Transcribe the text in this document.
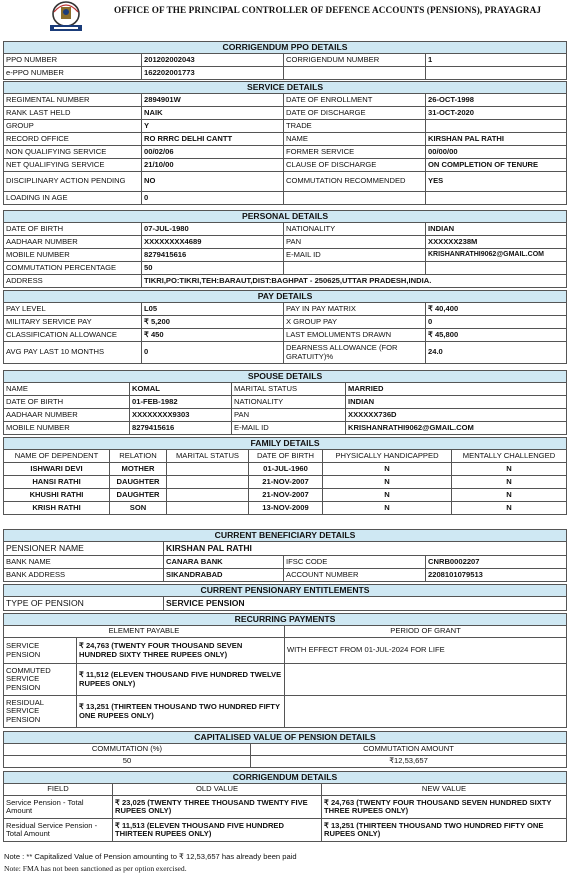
OFFICE OF THE PRINCIPAL CONTROLLER OF DEFENCE ACCOUNTS (PENSIONS), PRAYAGRAJ
CORRIGENDUM PPO DETAILS			
PPO NUMBER	201202002043	CORRIGENDUM NUMBER	1
e-PPO NUMBER	162202001773		
SERVICE DETAILS			
REGIMENTAL NUMBER	2894901W	DATE OF ENROLLMENT	26-OCT-1998
RANK LAST HELD	NAIK	DATE OF DISCHARGE	31-OCT-2020
GROUP	Y	TRADE	
RECORD OFFICE	RO RRRC DELHI CANTT	NAME	KIRSHAN PAL RATHI
NON QUALIFYING SERVICE	00/02/06	FORMER SERVICE	00/00/00
NET QUALIFYING SERVICE	21/10/00	CLAUSE OF DISCHARGE	ON COMPLETION OF TENURE
DISCIPLINARY ACTION PENDING	NO	COMMUTATION RECOMMENDED	YES
LOADING IN AGE	0		
PERSONAL DETAILS			
DATE OF BIRTH	07-JUL-1980	NATIONALITY	INDIAN
AADHAAR NUMBER	XXXXXXXX4689	PAN	XXXXXX238M
MOBILE NUMBER	8279415616	E-MAIL ID	KRISHANRATHI9062@GMAIL.COM
COMMUTATION PERCENTAGE	50		
ADDRESS	TIKRI,PO:TIKRI,TEH:BARAUT,DIST:BAGHPAT - 250625,UTTAR PRADESH,INDIA.		
PAY DETAILS			
PAY LEVEL	L05	PAY IN PAY MATRIX	₹ 40,400
MILITARY SERVICE PAY	₹ 5,200	X GROUP PAY	0
CLASSIFICATION ALLOWANCE	₹ 450	LAST EMOLUMENTS DRAWN	₹ 45,800
AVG PAY LAST 10 MONTHS	0	DEARNESS ALLOWANCE (FOR GRATUITY)%	24.0
SPOUSE DETAILS			
NAME	KOMAL	MARITAL STATUS	MARRIED
DATE OF BIRTH	01-FEB-1982	NATIONALITY	INDIAN
AADHAAR NUMBER	XXXXXXXX9303	PAN	XXXXXX736D
MOBILE NUMBER	8279415616	E-MAIL ID	KRISHANRATHI9062@GMAIL.COM
FAMILY DETAILS					
NAME OF DEPENDENT	RELATION	MARITAL STATUS	DATE OF BIRTH	PHYSICALLY HANDICAPPED	MENTALLY CHALLENGED
ISHWARI DEVI	MOTHER		01-JUL-1960	N	N
HANSI RATHI	DAUGHTER		21-NOV-2007	N	N
KHUSHI RATHI	DAUGHTER		21-NOV-2007	N	N
KRISH RATHI	SON		13-NOV-2009	N	N
CURRENT BENEFICIARY DETAILS			
PENSIONER NAME	KIRSHAN PAL RATHI		
BANK NAME	CANARA BANK	IFSC CODE	CNRB0002207
BANK ADDRESS	SIKANDRABAD	ACCOUNT NUMBER	2208101079513
CURRENT PENSIONARY ENTITLEMENTS
TYPE OF PENSION	SERVICE PENSION
RECURRING PAYMENTS		
ELEMENT PAYABLE		PERIOD OF GRANT
SERVICE PENSION	₹ 24,763 (TWENTY FOUR THOUSAND SEVEN HUNDRED SIXTY THREE RUPEES ONLY)	WITH EFFECT FROM 01-JUL-2024 FOR LIFE
COMMUTED SERVICE PENSION	₹ 11,512 (ELEVEN THOUSAND FIVE HUNDRED TWELVE RUPEES ONLY)	
RESIDUAL SERVICE PENSION	₹ 13,251 (THIRTEEN THOUSAND TWO HUNDRED FIFTY ONE RUPEES ONLY)	
CAPITALISED VALUE OF PENSION DETAILS	
COMMUTATION (%)	COMMUTATION AMOUNT
50	₹12,53,657
CORRIGENDUM DETAILS		
FIELD	OLD VALUE	NEW VALUE
Service Pension - Total Amount	₹ 23,025 (TWENTY THREE THOUSAND TWENTY FIVE RUPEES ONLY)	₹ 24,763 (TWENTY FOUR THOUSAND SEVEN HUNDRED SIXTY THREE RUPEES ONLY)
Residual Service Pension - Total Amount	₹ 11,513 (ELEVEN THOUSAND FIVE HUNDRED THIRTEEN RUPEES ONLY)	₹ 13,251 (THIRTEEN THOUSAND TWO HUNDRED FIFTY ONE RUPEES ONLY)
Note : ** Capitalized Value of Pension amounting to ₹ 12,53,657 has already been paid
Note: FMA has not been sanctioned as per option exercised.
